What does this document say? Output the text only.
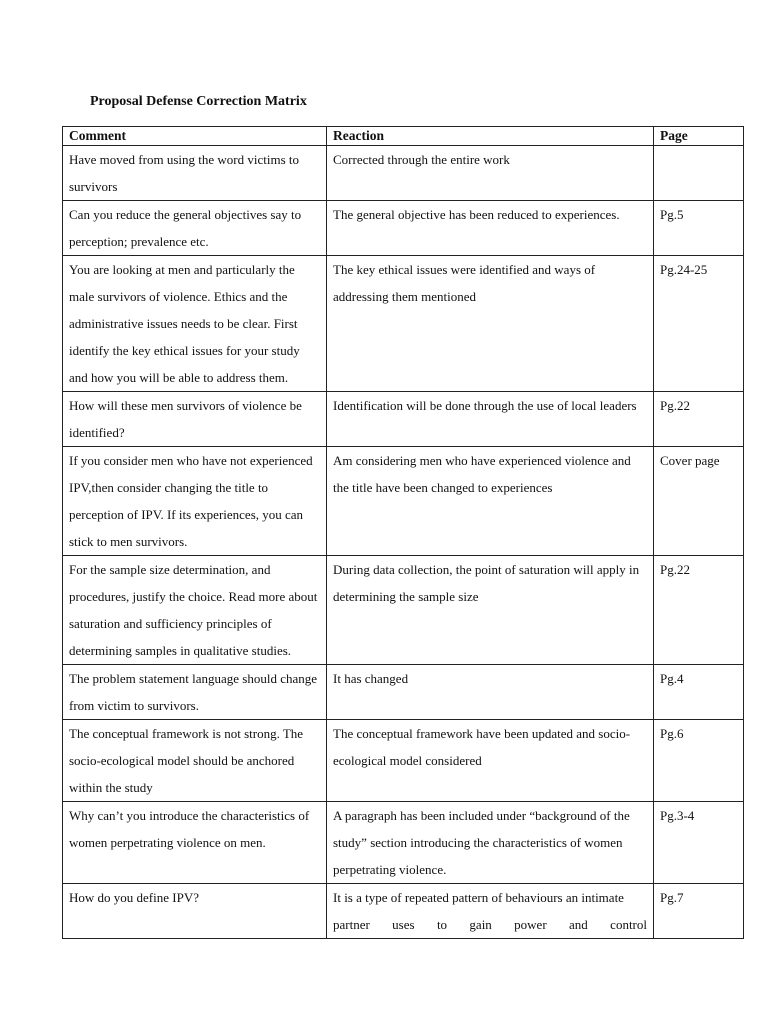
Proposal Defense Correction Matrix
Comment	Reaction	Page
Have moved from using the word victims to survivors	Corrected through the entire work	
Can you reduce the general objectives say to perception; prevalence etc.	The general objective has been reduced to experiences.	Pg.5
You are looking at men and particularly the male survivors of violence. Ethics and the administrative issues needs to be clear. First identify the key ethical issues for your study and how you will be able to address them.	The key ethical issues were identified and ways of addressing them mentioned	Pg.24-25
How will these men survivors of violence be identified?	Identification will be done through the use of local leaders	Pg.22
If you consider men who have not experienced IPV,then consider changing the title to perception of IPV. If its experiences, you can stick to men survivors.	Am considering men who have experienced violence and the title have been changed to experiences	Cover page
For the sample size determination, and procedures, justify the choice. Read more about saturation and sufficiency principles of determining samples in qualitative studies.	During data collection, the point of saturation will apply in determining the sample size	Pg.22
The problem statement language should change from victim to survivors.	It has changed	Pg.4
The conceptual framework is not strong. The socio-ecological model should be anchored within the study	The conceptual framework have been updated and socio-ecological model considered	Pg.6
Why can’t you introduce the characteristics of women perpetrating violence on men.	A paragraph has been included under “background of the study” section introducing the characteristics of women perpetrating violence.	Pg.3-4
How do you define IPV?	It is a type of repeated pattern of behaviours an intimate partner uses to gain power and control	Pg.7
